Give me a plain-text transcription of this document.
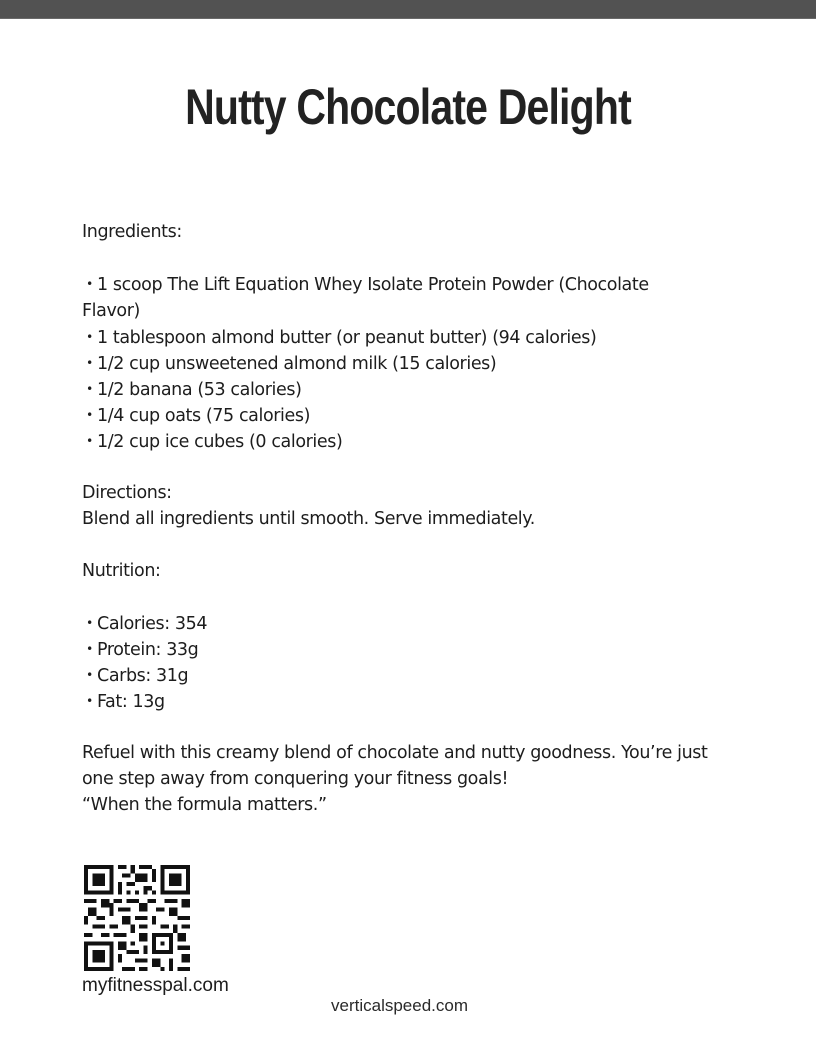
Nutty Chocolate Delight
Ingredients:
• 1 scoop The Lift Equation Whey Isolate Protein Powder (Chocolate Flavor)
• 1 tablespoon almond butter (or peanut butter) (94 calories)
• 1/2 cup unsweetened almond milk (15 calories)
• 1/2 banana (53 calories)
• 1/4 cup oats (75 calories)
• 1/2 cup ice cubes (0 calories)
Directions:
Blend all ingredients until smooth. Serve immediately.
Nutrition:
• Calories: 354
• Protein: 33g
• Carbs: 31g
• Fat: 13g
Refuel with this creamy blend of chocolate and nutty goodness. You’re just one step away from conquering your fitness goals!
“When the formula matters.”
myfitnesspal.com
verticalspeed.com
